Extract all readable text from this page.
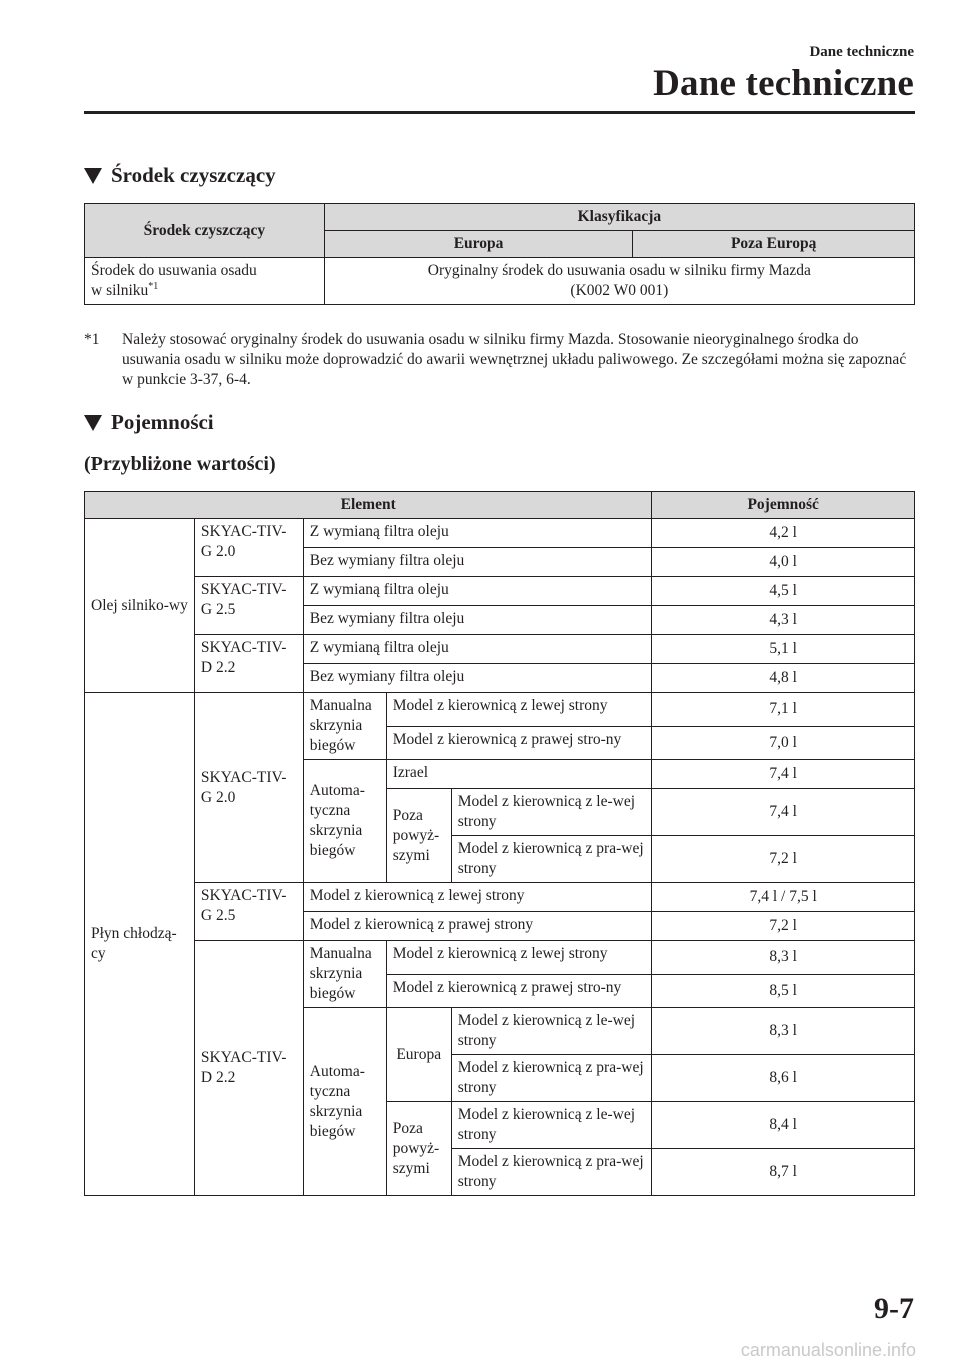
Dane techniczne
Dane techniczne
Środek czyszczący
Środek czyszczący	Klasyfikacja	
	Europa	Poza Europą
Środek do usuwania osadu
w silniku$^{*1}$	Oryginalny środek do usuwania osadu w silniku firmy Mazda
(K002 W0 001)	
*1 Należy stosować oryginalny środek do usuwania osadu w silniku firmy Mazda. Stosowanie nieoryginalnego środka do usuwania osadu w silniku może doprowadzić do awarii wewnętrznej układu paliwowego. Ze szczegółami można się zapoznać w punkcie 3-37, 6-4.
Pojemności
(Przybliżone wartości)
Element					Pojemność
Olej silniko-wy	SKYAC-TIV-G 2.0	Z wymianą filtra oleju			4,2 l
		Bez wymiany filtra oleju			4,0 l
	SKYAC-TIV-G 2.5	Z wymianą filtra oleju			4,5 l
		Bez wymiany filtra oleju			4,3 l
	SKYAC-TIV-D 2.2	Z wymianą filtra oleju			5,1 l
		Bez wymiany filtra oleju			4,8 l
Płyn chłodzą-cy	SKYAC-TIV-G 2.0	Manualna skrzynia biegów	Model z kierownicą z lewej strony		7,1 l
			Model z kierownicą z prawej stro-ny		7,0 l
		Automa-tyczna skrzynia biegów	Izrael		7,4 l
			Poza powyż-szymi	Model z kierownicą z le-wej strony	7,4 l
				Model z kierownicą z pra-wej strony	7,2 l
	SKYAC-TIV-G 2.5	Model z kierownicą z lewej strony			7,4 l / 7,5 l
		Model z kierownicą z prawej strony			7,2 l
	SKYAC-TIV-D 2.2	Manualna skrzynia biegów	Model z kierownicą z lewej strony		8,3 l
			Model z kierownicą z prawej stro-ny		8,5 l
		Automa-tyczna skrzynia biegów	Europa	Model z kierownicą z le-wej strony	8,3 l
				Model z kierownicą z pra-wej strony	8,6 l
			Poza powyż-szymi	Model z kierownicą z le-wej strony	8,4 l
				Model z kierownicą z pra-wej strony	8,7 l
9-7
carmanualsonline.info
